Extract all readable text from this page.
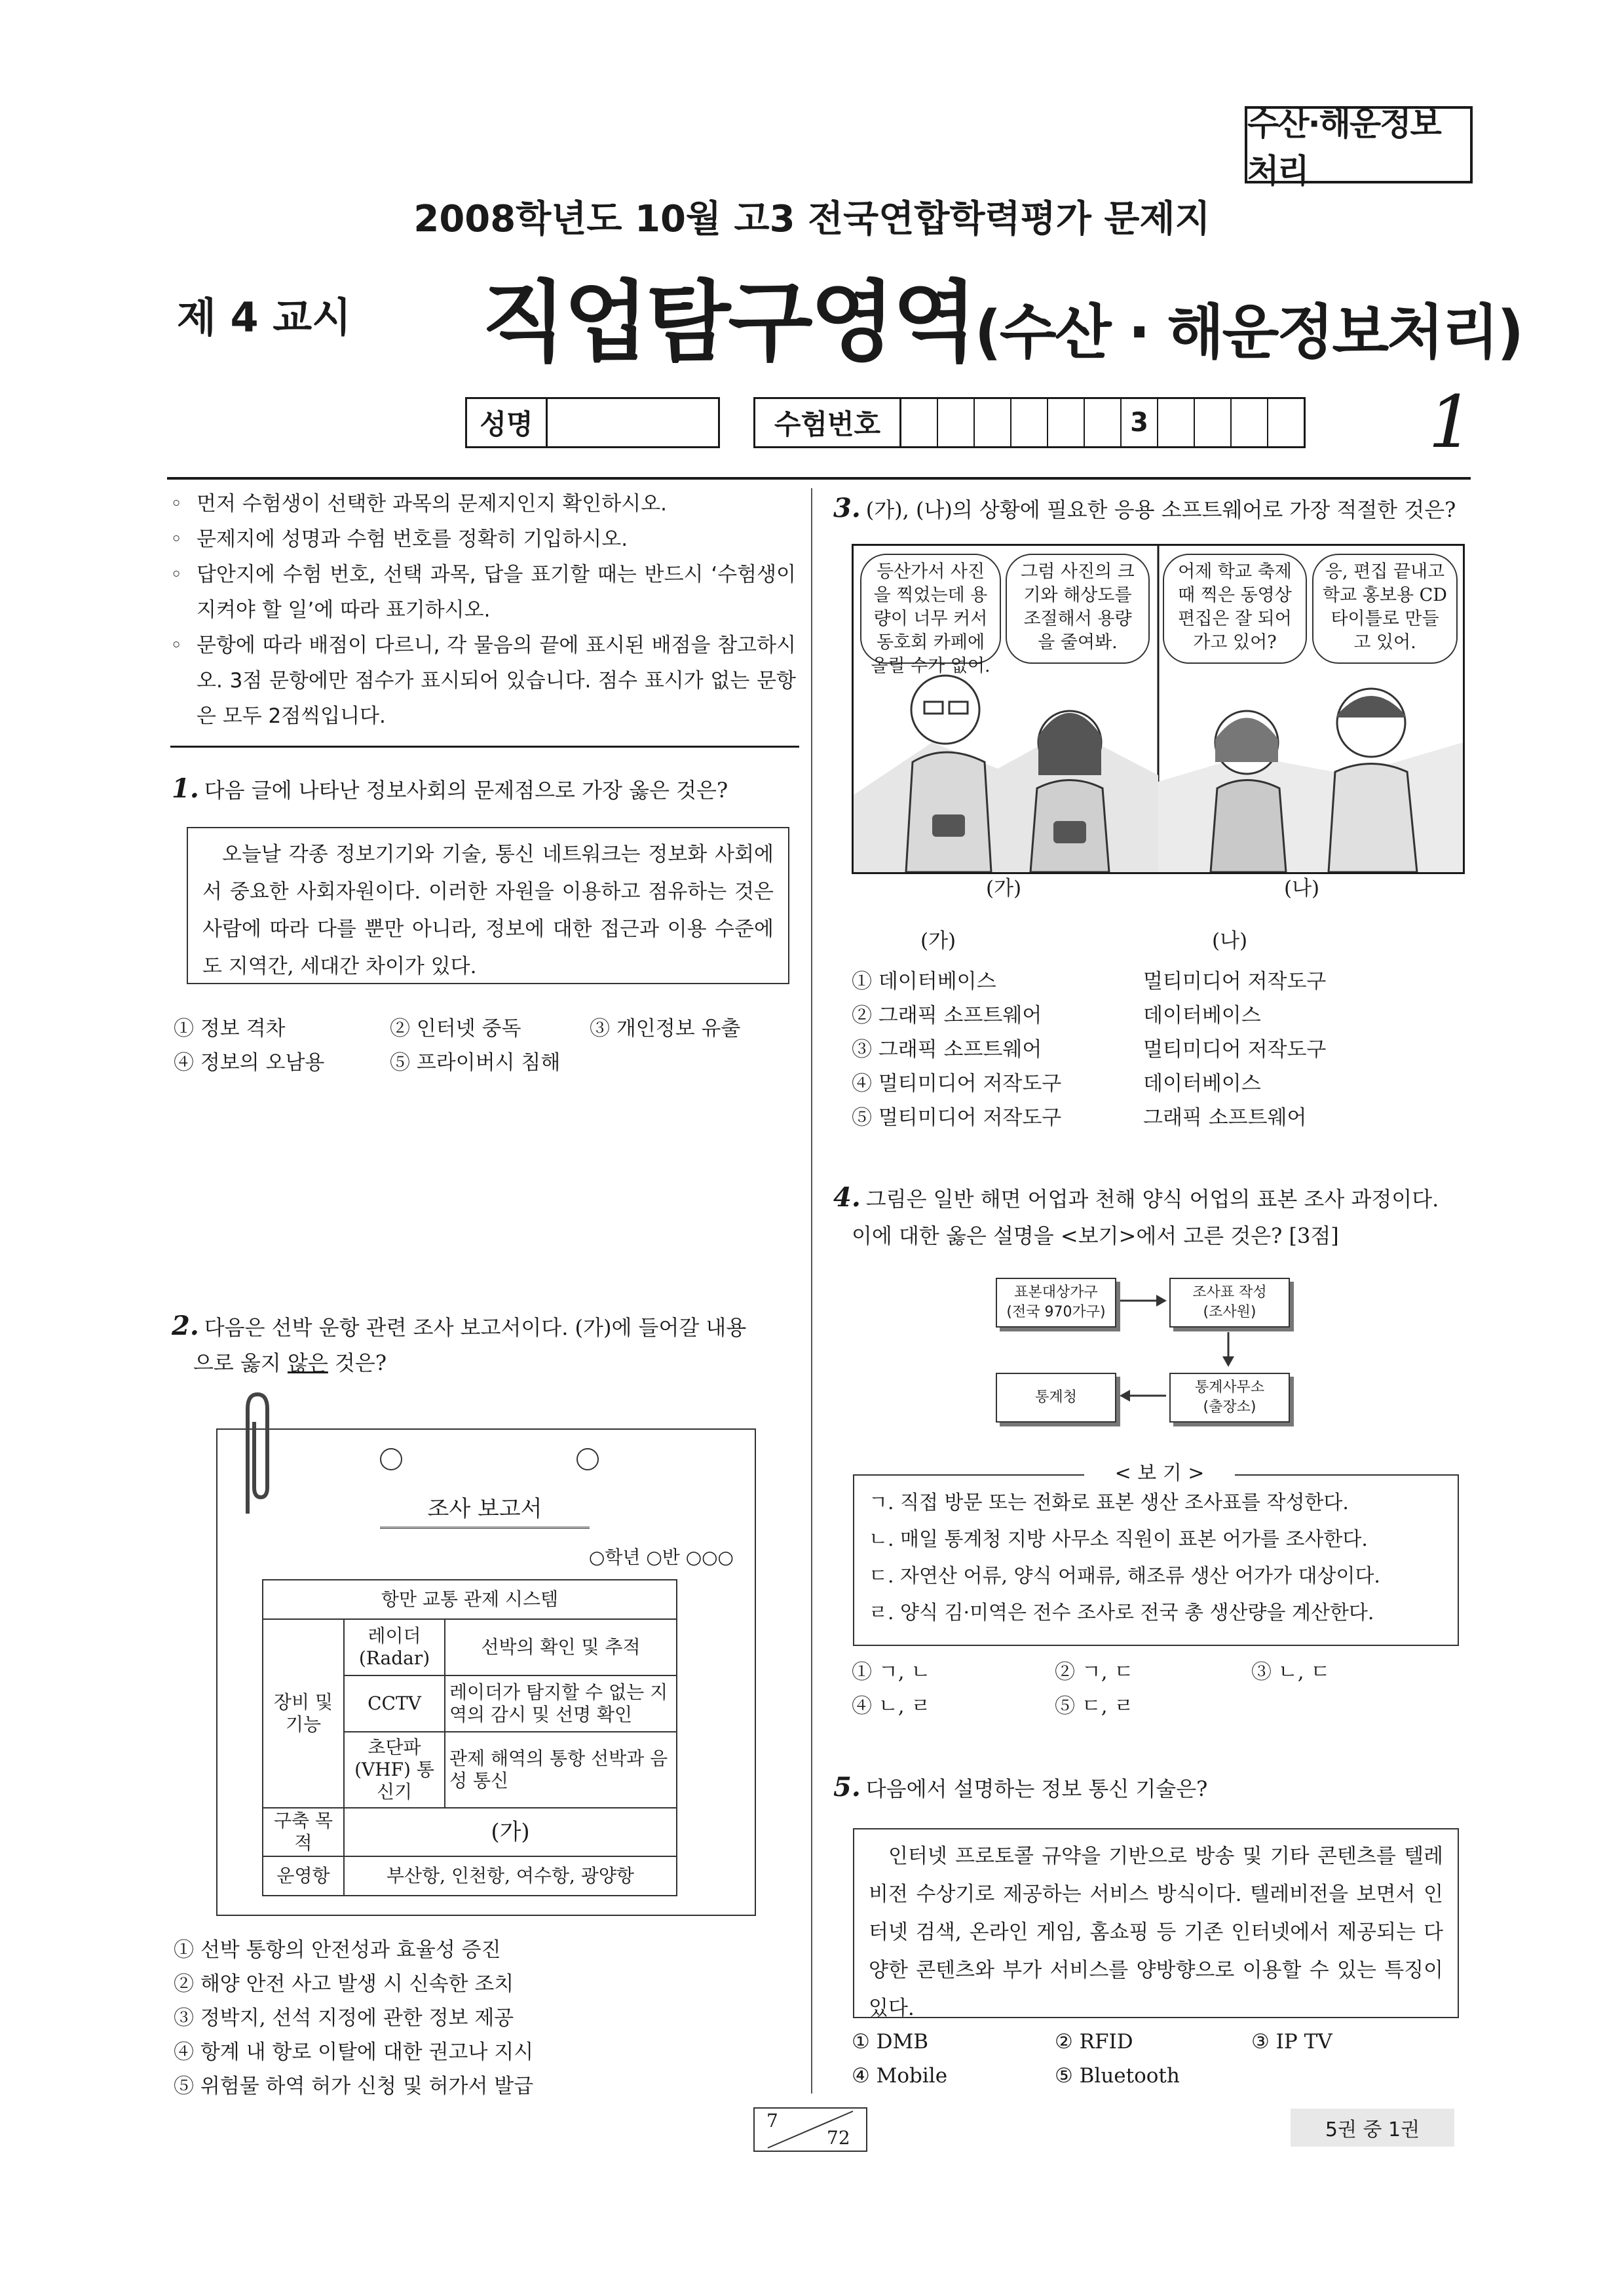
수산·해운정보처리
2008학년도 10월 고3 전국연합학력평가 문제지
제 4 교시 직업탐구영역(수산 · 해운정보처리)
성명	수험번호	3	1
◦ 먼저 수험생이 선택한 과목의 문제지인지 확인하시오.
◦ 문제지에 성명과 수험 번호를 정확히 기입하시오.
◦ 답안지에 수험 번호, 선택 과목, 답을 표기할 때는 반드시 ‘수험생이 지켜야 할 일’에 따라 표기하시오.
◦ 문항에 따라 배점이 다르니, 각 물음의 끝에 표시된 배점을 참고하시오. 3점 문항에만 점수가 표시되어 있습니다. 점수 표시가 없는 문항은 모두 2점씩입니다.
1. 다음 글에 나타난 정보사회의 문제점으로 가장 옳은 것은?
오늘날 각종 정보기기와 기술, 통신 네트워크는 정보화 사회에서 중요한 사회자원이다. 이러한 자원을 이용하고 점유하는 것은 사람에 따라 다를 뿐만 아니라, 정보에 대한 접근과 이용 수준에도 지역간, 세대간 차이가 있다.
① 정보 격차	② 인터넷 중독	③ 개인정보 유출
④ 정보의 오남용	⑤ 프라이버시 침해
2. 다음은 선박 운항 관련 조사 보고서이다. (가)에 들어갈 내용
으로 옳지 않은 것은?
조사 보고서
○학년 ○반 ○○○
항만 교통 관제 시스템		
장비 및 기능	레이더 (Radar)	선박의 확인 및 추적
	CCTV	레이더가 탐지할 수 없는 지역의 감시 및 선명 확인
	초단파 (VHF) 통신기	관제 해역의 통항 선박과 음성 통신
구축 목적	(가)	
운영항	부산항, 인천항, 여수항, 광양항	
① 선박 통항의 안전성과 효율성 증진
② 해양 안전 사고 발생 시 신속한 조치
③ 정박지, 선석 지정에 관한 정보 제공
④ 항계 내 항로 이탈에 대한 권고나 지시
⑤ 위험물 하역 허가 신청 및 허가서 발급
3. (가), (나)의 상황에 필요한 응용 소프트웨어로 가장 적절한 것은?
등산가서 사진을 찍었는데 용량이 너무 커서 동호회 카페에 올릴 수가 없어.
그럼 사진의 크기와 해상도를 조절해서 용량을 줄여봐.
어제 학교 축제 때 찍은 동영상 편집은 잘 되어 가고 있어?
응, 편집 끝내고 학교 홍보용 CD 타이틀로 만들고 있어.
(가)	(나)
(가)	(나)
① 데이터베이스	멀티미디어 저작도구
② 그래픽 소프트웨어	데이터베이스
③ 그래픽 소프트웨어	멀티미디어 저작도구
④ 멀티미디어 저작도구	데이터베이스
⑤ 멀티미디어 저작도구	그래픽 소프트웨어
4. 그림은 일반 해면 어업과 천해 양식 어업의 표본 조사 과정이다.
이에 대한 옳은 설명을 <보기>에서 고른 것은? [3점]
표본대상가구
(전국 970가구)
조사표 작성
(조사원)
통계사무소
(출장소)
통계청
ㄱ. 직접 방문 또는 전화로 표본 생산 조사표를 작성한다.
ㄴ. 매일 통계청 지방 사무소 직원이 표본 어가를 조사한다.
ㄷ. 자연산 어류, 양식 어패류, 해조류 생산 어가가 대상이다.
ㄹ. 양식 김·미역은 전수 조사로 전국 총 생산량을 계산한다.
< 보 기 >
① ㄱ, ㄴ	② ㄱ, ㄷ	③ ㄴ, ㄷ
④ ㄴ, ㄹ	⑤ ㄷ, ㄹ
5. 다음에서 설명하는 정보 통신 기술은?
인터넷 프로토콜 규약을 기반으로 방송 및 기타 콘텐츠를 텔레비전 수상기로 제공하는 서비스 방식이다. 텔레비전을 보면서 인터넷 검색, 온라인 게임, 홈쇼핑 등 기존 인터넷에서 제공되는 다양한 콘텐츠와 부가 서비스를 양방향으로 이용할 수 있는 특징이 있다.
① DMB	② RFID	③ IP TV
④ Mobile	⑤ Bluetooth
7
72	5권 중 1권
